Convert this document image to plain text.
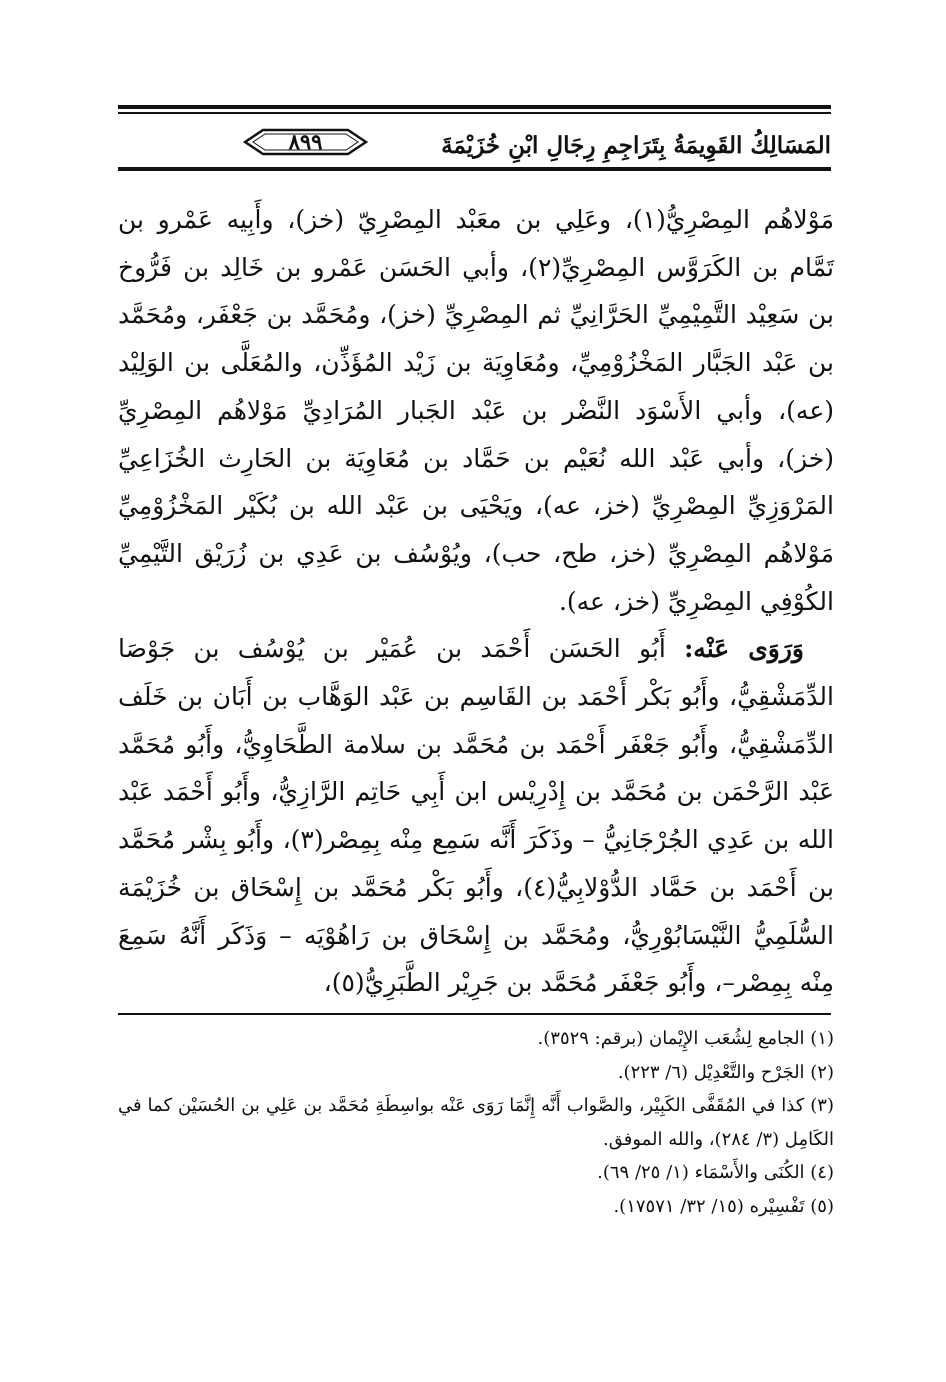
المَسَالِكُ القَوِيمَةُ بِتَرَاجِمِ رِجَالِ ابْنِ خُزَيْمَةَ
٨٩٩

مَوْلاهُم المِصْرِيُّ(١)، وعَلِي بن معَبْد المِصْرِيّ (خز)، وأَبِيه عَمْرو بن تَمَّام بن الكَرَوَّس المِصْرِيِّ(٢)، وأبي الحَسَن عَمْرو بن خَالِد بن فَرُّوخ بن سَعِيْد التَّمِيْمِيِّ الحَرَّانِيِّ ثم المِصْرِيِّ (خز)، ومُحَمَّد بن جَعْفَر، ومُحَمَّد بن عَبْد الجَبَّار المَخْزُوْمِيِّ، ومُعَاوِيَة بن زَيْد المُؤَذِّن، والمُعَلَّى بن الوَلِيْد (عه)، وأبي الأَسْوَد النَّضْر بن عَبْد الجَبار المُرَادِيِّ مَوْلاهُم المِصْرِيِّ (خز)، وأبي عَبْد الله نُعَيْم بن حَمَّاد بن مُعَاوِيَة بن الحَارِث الخُزَاعِيِّ المَرْوَزِيِّ المِصْرِيِّ (خز، عه)، ويَحْيَى بن عَبْد الله بن بُكَيْر المَخْزُوْمِيِّ مَوْلاهُم المِصْرِيِّ (خز، طح، حب)، ويُوْسُف بن عَدِي بن زُرَيْق التَّيْمِيِّ الكُوْفِي المِصْرِيِّ (خز، عه).

وَرَوَى عَنْه: أَبُو الحَسَن أَحْمَد بن عُمَيْر بن يُوْسُف بن جَوْصَا الدِّمَشْقِيُّ، وأَبُو بَكْر أَحْمَد بن القَاسِم بن عَبْد الوَهَّاب بن أَبَان بن خَلَف الدِّمَشْقِيُّ، وأَبُو جَعْفَر أَحْمَد بن مُحَمَّد بن سلامة الطَّحَاوِيُّ، وأَبُو مُحَمَّد عَبْد الرَّحْمَن بن مُحَمَّد بن إِدْرِيْس ابن أَبِي حَاتِم الرَّازِيُّ، وأَبُو أَحْمَد عَبْد الله بن عَدِي الجُرْجَانِيُّ – وذَكَرَ أَنَّه سَمِع مِنْه بِمِصْر(٣)، وأَبُو بِشْر مُحَمَّد بن أَحْمَد بن حَمَّاد الدُّوْلابِيُّ(٤)، وأَبُو بَكْر مُحَمَّد بن إِسْحَاق بن خُزَيْمَة السُّلَمِيُّ النَّيْسَابُوْرِيُّ، ومُحَمَّد بن إِسْحَاق بن رَاهُوْيَه – وَذَكَر أَنَّهُ سَمِعَ مِنْه بِمِصْر–، وأَبُو جَعْفَر مُحَمَّد بن جَرِيْر الطَّبَرِيُّ(٥)،

(١) الجامع لِشُعَب الإِيْمان (برقم: ٣٥٢٩).

(٢) الجَرْح والتَّعْدِيْل (٦/ ٢٢٣).

(٣) كذا في المُقَفَّى الكَبِيْر، والصَّواب أَنَّه إِنَّمَا رَوَى عَنْه بواسِطَةِ مُحَمَّد بن عَلِي بن الحُسَيْن كما في الكَامِل (٣/ ٢٨٤)، والله الموفق.

(٤) الكُنَى والأَسْمَاء (١/ ٢٥/ ٦٩).

(٥) تَفْسِيْره (١٥/ ٣٢/ ١٧٥٧١).
